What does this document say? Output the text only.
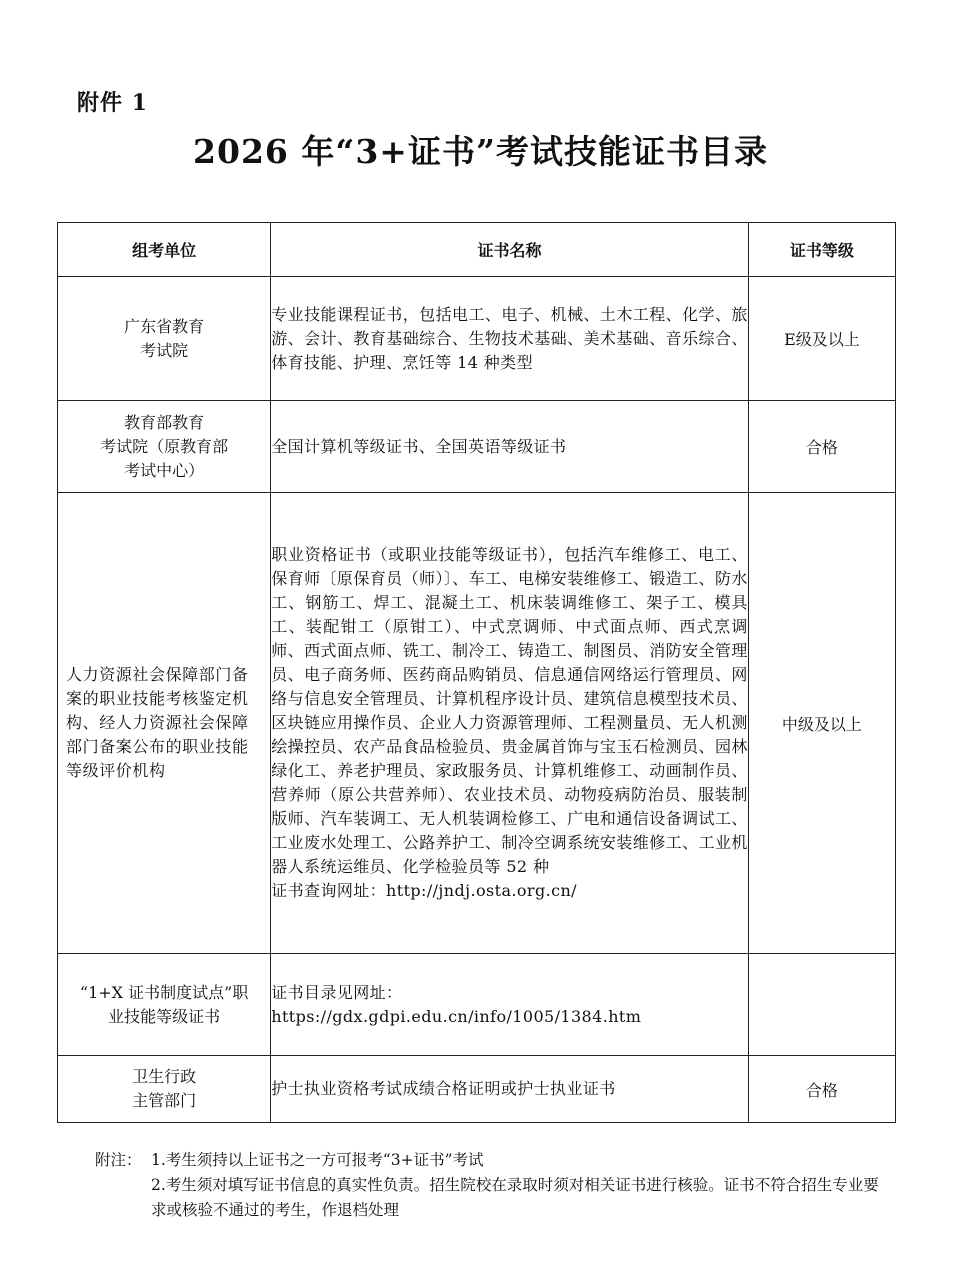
附件 1
2026 年“3+证书”考试技能证书目录
组考单位	证书名称	证书等级
广东省教育
考试院	专业技能课程证书，包括电工、电子、机械、土木工程、化学、旅游、会计、教育基础综合、生物技术基础、美术基础、音乐综合、体育技能、护理、烹饪等 14 种类型	E级及以上
教育部教育
考试院（原教育部
考试中心）	全国计算机等级证书、全国英语等级证书	合格
人力资源社会保障部门备案的职业技能考核鉴定机构、经人力资源社会保障部门备案公布的职业技能等级评价机构	职业资格证书（或职业技能等级证书），包括汽车维修工、电工、保育师〔原保育员（师）〕、车工、电梯安装维修工、锻造工、防水工、钢筋工、焊工、混凝土工、机床装调维修工、架子工、模具工、装配钳工（原钳工）、中式烹调师、中式面点师、西式烹调师、西式面点师、铣工、制冷工、铸造工、制图员、消防安全管理员、电子商务师、医药商品购销员、信息通信网络运行管理员、网络与信息安全管理员、计算机程序设计员、建筑信息模型技术员、区块链应用操作员、企业人力资源管理师、工程测量员、无人机测绘操控员、农产品食品检验员、贵金属首饰与宝玉石检测员、园林绿化工、养老护理员、家政服务员、计算机维修工、动画制作员、营养师（原公共营养师）、农业技术员、动物疫病防治员、服装制版师、汽车装调工、无人机装调检修工、广电和通信设备调试工、工业废水处理工、公路养护工、制冷空调系统安装维修工、工业机器人系统运维员、化学检验员等 52 种
证书查询网址：http://jndj.osta.org.cn/	中级及以上
“1+X 证书制度试点”职
业技能等级证书	证书目录见网址：
https://gdx.gdpi.edu.cn/info/1005/1384.htm	

卫生行政
主管部门	护士执业资格考试成绩合格证明或护士执业证书	合格
附注： 1.考生须持以上证书之一方可报考“3+证书”考试
2.考生须对填写证书信息的真实性负责。招生院校在录取时须对相关证书进行核验。证书不符合招生专业要求或核验不通过的考生，作退档处理
